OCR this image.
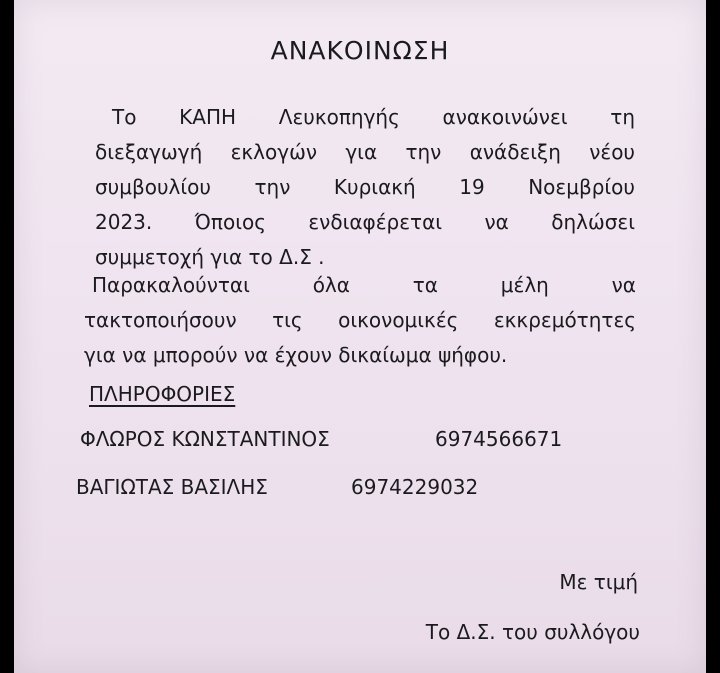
ΑΝΑΚΟΙΝΩΣΗ
Το ΚΑΠΗ Λευκοπηγής ανακοινώνει τη
διεξαγωγή εκλογών για την ανάδειξη νέου
συμβουλίου την Κυριακή 19 Νοεμβρίου
2023. Όποιος ενδιαφέρεται να δηλώσει
συμμετοχή για το Δ.Σ .
Παρακαλούνται όλα τα μέλη να
τακτοποιήσουν τις οικονομικές εκκρεμότητες
για να μπορούν να έχουν δικαίωμα ψήφου.
ΠΛΗΡΟΦΟΡΙΕΣ
ΦΛΩΡΟΣ ΚΩΝΣΤΑΝΤΙΝΟΣ	6974566671
ΒΑΓΙΩΤΑΣ ΒΑΣΙΛΗΣ	6974229032
Με τιμή
Το Δ.Σ. του συλλόγου
